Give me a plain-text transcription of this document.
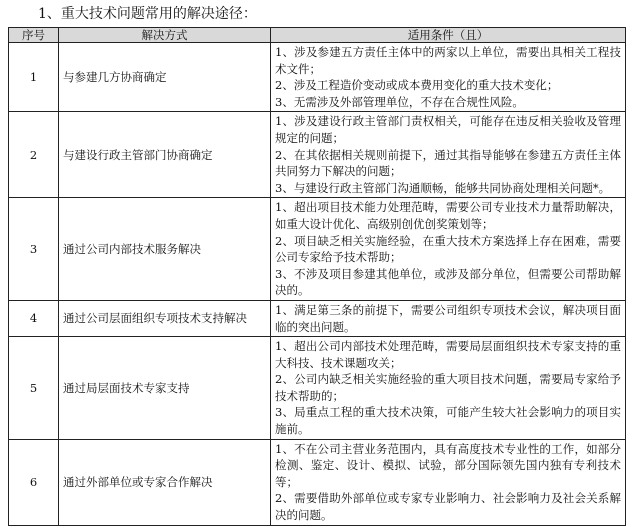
1、重大技术问题常用的解决途径：
序号	解决方式	适用条件（且）
1	与参建几方协商确定	1、涉及参建五方责任主体中的两家以上单位，需要出具相关工程技术文件；
2、涉及工程造价变动或成本费用变化的重大技术变化；
3、无需涉及外部管理单位，不存在合规性风险。

2	与建设行政主管部门协商确定	1、涉及建设行政主管部门责权相关，可能存在违反相关验收及管理规定的问题；
2、在其依据相关规则前提下，通过其指导能够在参建五方责任主体共同努力下解决的问题；
3、与建设行政主管部门沟通顺畅，能够共同协商处理相关问题*。

3	通过公司内部技术服务解决	1、超出项目技术能力处理范畴，需要公司专业技术力量帮助解决，如重大设计优化、高级别创优创奖策划等；
2、项目缺乏相关实施经验，在重大技术方案选择上存在困难，需要公司专家给予技术帮助；
3、不涉及项目参建其他单位，或涉及部分单位，但需要公司帮助解决的。

4	通过公司层面组织专项技术支持解决	1、满足第三条的前提下，需要公司组织专项技术会议，解决项目面临的突出问题。

5	通过局层面技术专家支持	1、超出公司内部技术处理范畴，需要局层面组织技术专家支持的重大科技、技术课题攻关；
2、公司内缺乏相关实施经验的重大项目技术问题，需要局专家给予技术帮助的；
3、局重点工程的重大技术决策，可能产生较大社会影响力的项目实施前。

6	通过外部单位或专家合作解决	1、不在公司主营业务范围内，具有高度技术专业性的工作，如部分检测、鉴定、设计、模拟、试验，部分国际领先国内独有专利技术等；
2、需要借助外部单位或专家专业影响力、社会影响力及社会关系解决的问题。
